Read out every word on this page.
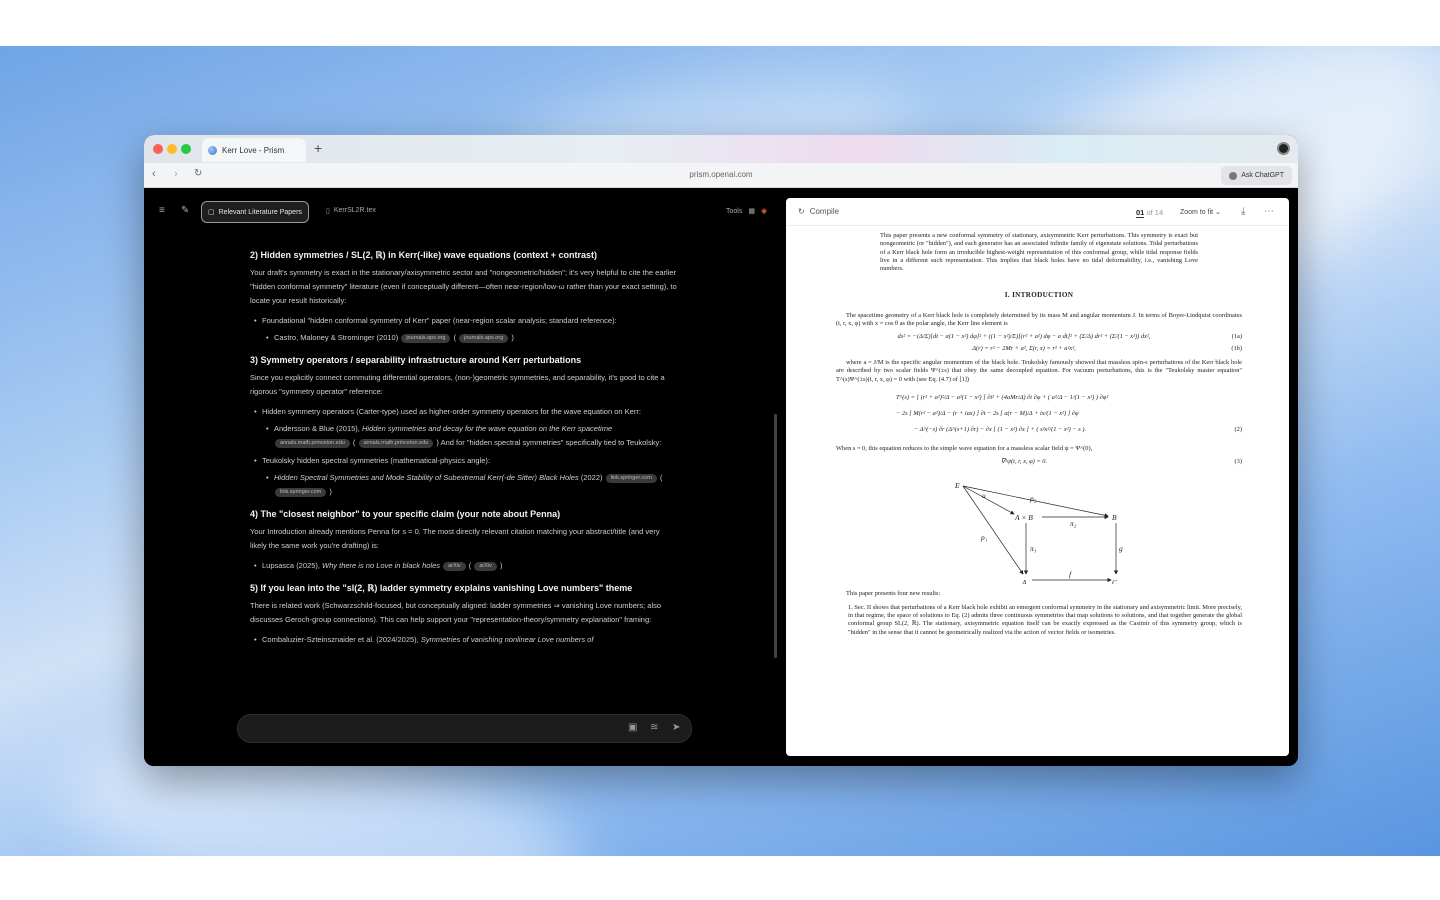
Kerr Love - Prism +
‹ › ↻	prism.openai.com	Ask ChatGPT
≡ ✎	▢ Relevant Literature Papers	▯ KerrSL2R.tex	Tools ▦ ◉

2) Hidden symmetries / SL(2, ℝ) in Kerr(-like) wave equations (context + contrast)

Your draft's symmetry is exact in the stationary/axisymmetric sector and "nongeometric/hidden"; it's very helpful to cite the earlier "hidden conformal symmetry" literature (even if conceptually different—often near-region/low-ω rather than your exact setting), to locate your result historically:

• Foundational "hidden conformal symmetry of Kerr" paper (near-region scalar analysis; standard reference):
• Castro, Maloney & Strominger (2010) journals.aps.org ( journals.aps.org )
3) Symmetry operators / separability infrastructure around Kerr perturbations

Since you explicitly connect commuting differential operators, (non-)geometric symmetries, and separability, it's good to cite a rigorous "symmetry operator" reference:

• Hidden symmetry operators (Carter-type) used as higher-order symmetry operators for the wave equation on Kerr:
• Andersson & Blue (2015), Hidden symmetries and decay for the wave equation on the Kerr spacetime annals.math.princeton.edu ( annals.math.princeton.edu ) And for "hidden spectral symmetries" specifically tied to Teukolsky:
• Teukolsky hidden spectral symmetries (mathematical-physics angle):
• Hidden Spectral Symmetries and Mode Stability of Subextremal Kerr(-de Sitter) Black Holes (2022) link.springer.com ( link.springer.com )
4) The "closest neighbor" to your specific claim (your note about Penna)

Your Introduction already mentions Penna for s = 0. The most directly relevant citation matching your abstract/title (and very likely the same work you're drafting) is:

• Lupsasca (2025), Why there is no Love in black holes arXiv ( arXiv )
5) If you lean into the "sl(2, ℝ) ladder symmetry explains vanishing Love numbers" theme

There is related work (Schwarzschild-focused, but conceptually aligned: ladder symmetries ⇒ vanishing Love numbers; also discusses Geroch-group connections). This can help support your "representation-theory/symmetry explanation" framing:

• Combaluzier-Szteinsznaider et al. (2024/2025), Symmetries of vanishing nonlinear Love numbers of
▣ ≋ ➤
↻ Compile	01 of 14 Zoom to fit ⌄ ⤓ ⋯

This paper presents a new conformal symmetry of stationary, axisymmetric Kerr perturbations. This symmetry is exact but nongeometric (or "hidden"), and each generator has an associated infinite family of eigenstate solutions. Tidal perturbations of a Kerr black hole form an irreducible highest-weight representation of this conformal group, while tidal response fields live in a different such representation. This implies that black holes have no tidal deformability, i.e., vanishing Love numbers.

I. INTRODUCTION

The spacetime geometry of a Kerr black hole is completely determined by its mass M and angular momentum J. In terms of Boyer-Lindquist coordinates (t, r, x, φ) with x = cos θ as the polar angle, the Kerr line element is

ds² = −(Δ/Σ)[dt − a(1 − x²) dφ]² + ((1 − x²)/Σ)[(r² + a²) dφ − a dt]² + (Σ/Δ) dr² + (Σ/(1 − x²)) dx²,	(1a)
Δ(r) = r² − 2Mr + a², Σ(r, x) = r² + a²x²,	(1b)

where a = J/M is the specific angular momentum of the black hole. Teukolsky famously showed that massless spin-s perturbations of the Kerr black hole are described by two scalar fields Ψ^(±s) that obey the same decoupled equation. For vacuum perturbations, this is the "Teukolsky master equation" T^(s)Ψ^(±s)(t, r, x, φ) = 0 with (see Eq. (4.7) of [1])

T^(s) = [ (r² + a²)²/Δ − a²(1 − x²) ] ∂t² + (4aMr/Δ) ∂t ∂φ + ( a²/Δ − 1/(1 − x²) ) ∂φ²
− 2s [ M(r² − a²)/Δ − (r + iax) ] ∂t − 2s [ a(r − M)/Δ + ix/(1 − x²) ] ∂φ
− Δ^(−s) ∂r (Δ^(s+1) ∂r) − ∂x [ (1 − x²) ∂x ] + ( s²x²/(1 − x²) − s ).	(2)

When s = 0, this equation reduces to the simple wave equation for a massless scalar field ψ = Ψ^(0),

∇²ψ(t, r, x, φ) = 0.	(3)
E
A × B	B
A	C
p₂
p₁
π₂
π₁
f
g
u

This paper presents four new results:

1. Sec. II shows that perturbations of a Kerr black hole exhibit an emergent conformal symmetry in the stationary and axisymmetric limit. More precisely, in that regime, the space of solutions to Eq. (2) admits three continuous symmetries that map solutions to solutions, and that together generate the global conformal group SL(2, ℝ). The stationary, axisymmetric equation itself can be exactly expressed as the Casimir of this symmetry group, which is "hidden" in the sense that it cannot be geometrically realized via the action of vector fields or isometries.
